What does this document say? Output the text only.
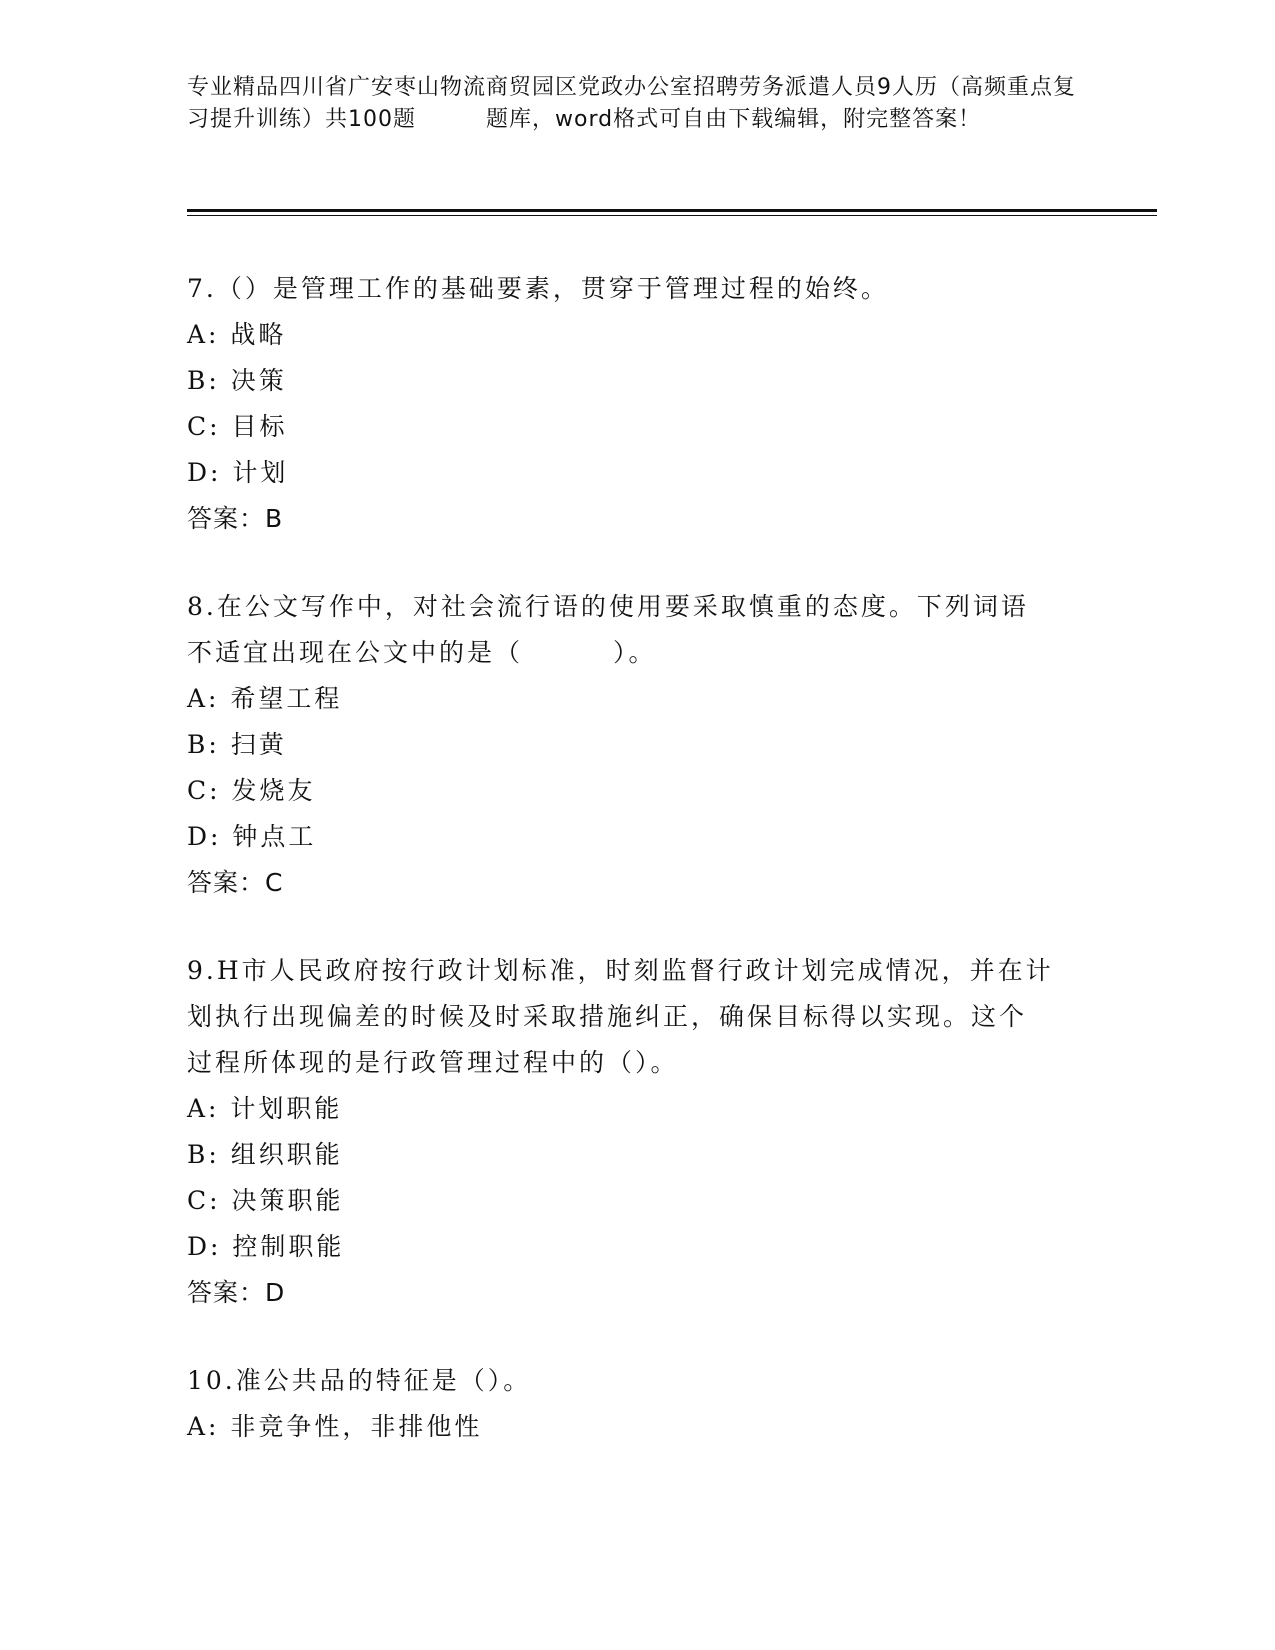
专业精品四川省广安枣山物流商贸园区党政办公室招聘劳务派遣人员9人历（高频重点复习提升训练）共100题	题库，word格式可自由下载编辑，附完整答案！
7.（）是管理工作的基础要素，贯穿于管理过程的始终。
A: 战略
B: 决策
C: 目标
D: 计划
答案：B
8.在公文写作中，对社会流行语的使用要采取慎重的态度。下列词语
不适宜出现在公文中的是（	）。
A: 希望工程
B: 扫黄
C: 发烧友
D: 钟点工
答案：C
9.H市人民政府按行政计划标准，时刻监督行政计划完成情况，并在计
划执行出现偏差的时候及时采取措施纠正，确保目标得以实现。这个
过程所体现的是行政管理过程中的（）。
A: 计划职能
B: 组织职能
C: 决策职能
D: 控制职能
答案：D
10.准公共品的特征是（）。
A: 非竞争性，非排他性
